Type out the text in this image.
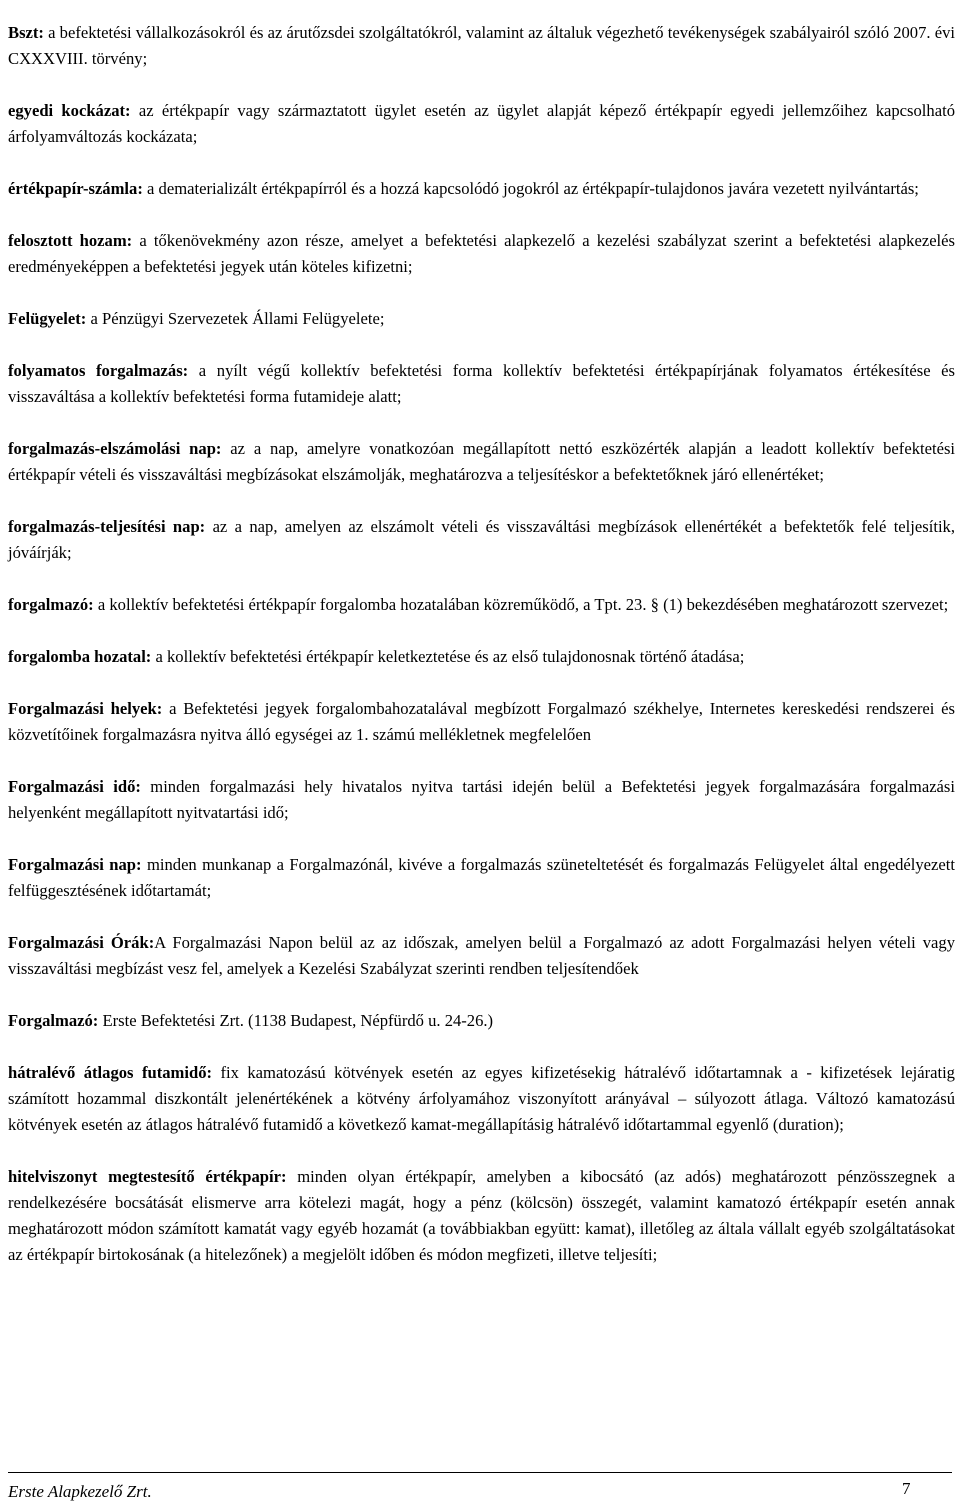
Bszt: a befektetési vállalkozásokról és az árutőzsdei szolgáltatókról, valamint az általuk végezhető tevékenységek szabályairól szóló 2007. évi CXXXVIII. törvény;

egyedi kockázat: az értékpapír vagy származtatott ügylet esetén az ügylet alapját képező értékpapír egyedi jellemzőihez kapcsolható árfolyamváltozás kockázata;

értékpapír-számla: a dematerializált értékpapírról és a hozzá kapcsolódó jogokról az értékpapír-tulajdonos javára vezetett nyilvántartás;

felosztott hozam: a tőkenövekmény azon része, amelyet a befektetési alapkezelő a kezelési szabályzat szerint a befektetési alapkezelés eredményeképpen a befektetési jegyek után köteles kifizetni;

Felügyelet: a Pénzügyi Szervezetek Állami Felügyelete;

folyamatos forgalmazás: a nyílt végű kollektív befektetési forma kollektív befektetési értékpapírjának folyamatos értékesítése és visszaváltása a kollektív befektetési forma futamideje alatt;

forgalmazás-elszámolási nap: az a nap, amelyre vonatkozóan megállapított nettó eszközérték alapján a leadott kollektív befektetési értékpapír vételi és visszaváltási megbízásokat elszámolják, meghatározva a teljesítéskor a befektetőknek járó ellenértéket;

forgalmazás-teljesítési nap: az a nap, amelyen az elszámolt vételi és visszaváltási megbízások ellenértékét a befektetők felé teljesítik, jóváírják;

forgalmazó: a kollektív befektetési értékpapír forgalomba hozatalában közreműködő, a Tpt. 23. § (1) bekezdésében meghatározott szervezet;

forgalomba hozatal: a kollektív befektetési értékpapír keletkeztetése és az első tulajdonosnak történő átadása;

Forgalmazási helyek: a Befektetési jegyek forgalombahozatalával megbízott Forgalmazó székhelye, Internetes kereskedési rendszerei és közvetítőinek forgalmazásra nyitva álló egységei az 1. számú mellékletnek megfelelően

Forgalmazási idő: minden forgalmazási hely hivatalos nyitva tartási idején belül a Befektetési jegyek forgalmazására forgalmazási helyenként megállapított nyitvatartási idő;

Forgalmazási nap: minden munkanap a Forgalmazónál, kivéve a forgalmazás szüneteltetését és forgalmazás Felügyelet által engedélyezett felfüggesztésének időtartamát;

Forgalmazási Órák:A Forgalmazási Napon belül az az időszak, amelyen belül a Forgalmazó az adott Forgalmazási helyen vételi vagy visszaváltási megbízást vesz fel, amelyek a Kezelési Szabályzat szerinti rendben teljesítendőek

Forgalmazó: Erste Befektetési Zrt. (1138 Budapest, Népfürdő u. 24-26.)

hátralévő átlagos futamidő: fix kamatozású kötvények esetén az egyes kifizetésekig hátralévő időtartamnak a - kifizetések lejáratig számított hozammal diszkontált jelenértékének a kötvény árfolyamához viszonyított arányával – súlyozott átlaga. Változó kamatozású kötvények esetén az átlagos hátralévő futamidő a következő kamat-megállapításig hátralévő időtartammal egyenlő (duration);

hitelviszonyt megtestesítő értékpapír: minden olyan értékpapír, amelyben a kibocsátó (az adós) meghatározott pénzösszegnek a rendelkezésére bocsátását elismerve arra kötelezi magát, hogy a pénz (kölcsön) összegét, valamint kamatozó értékpapír esetén annak meghatározott módon számított kamatát vagy egyéb hozamát (a továbbiakban együtt: kamat), illetőleg az általa vállalt egyéb szolgáltatásokat az értékpapír birtokosának (a hitelezőnek) a megjelölt időben és módon megfizeti, illetve teljesíti;

Erste Alapkezelő Zrt.	7
